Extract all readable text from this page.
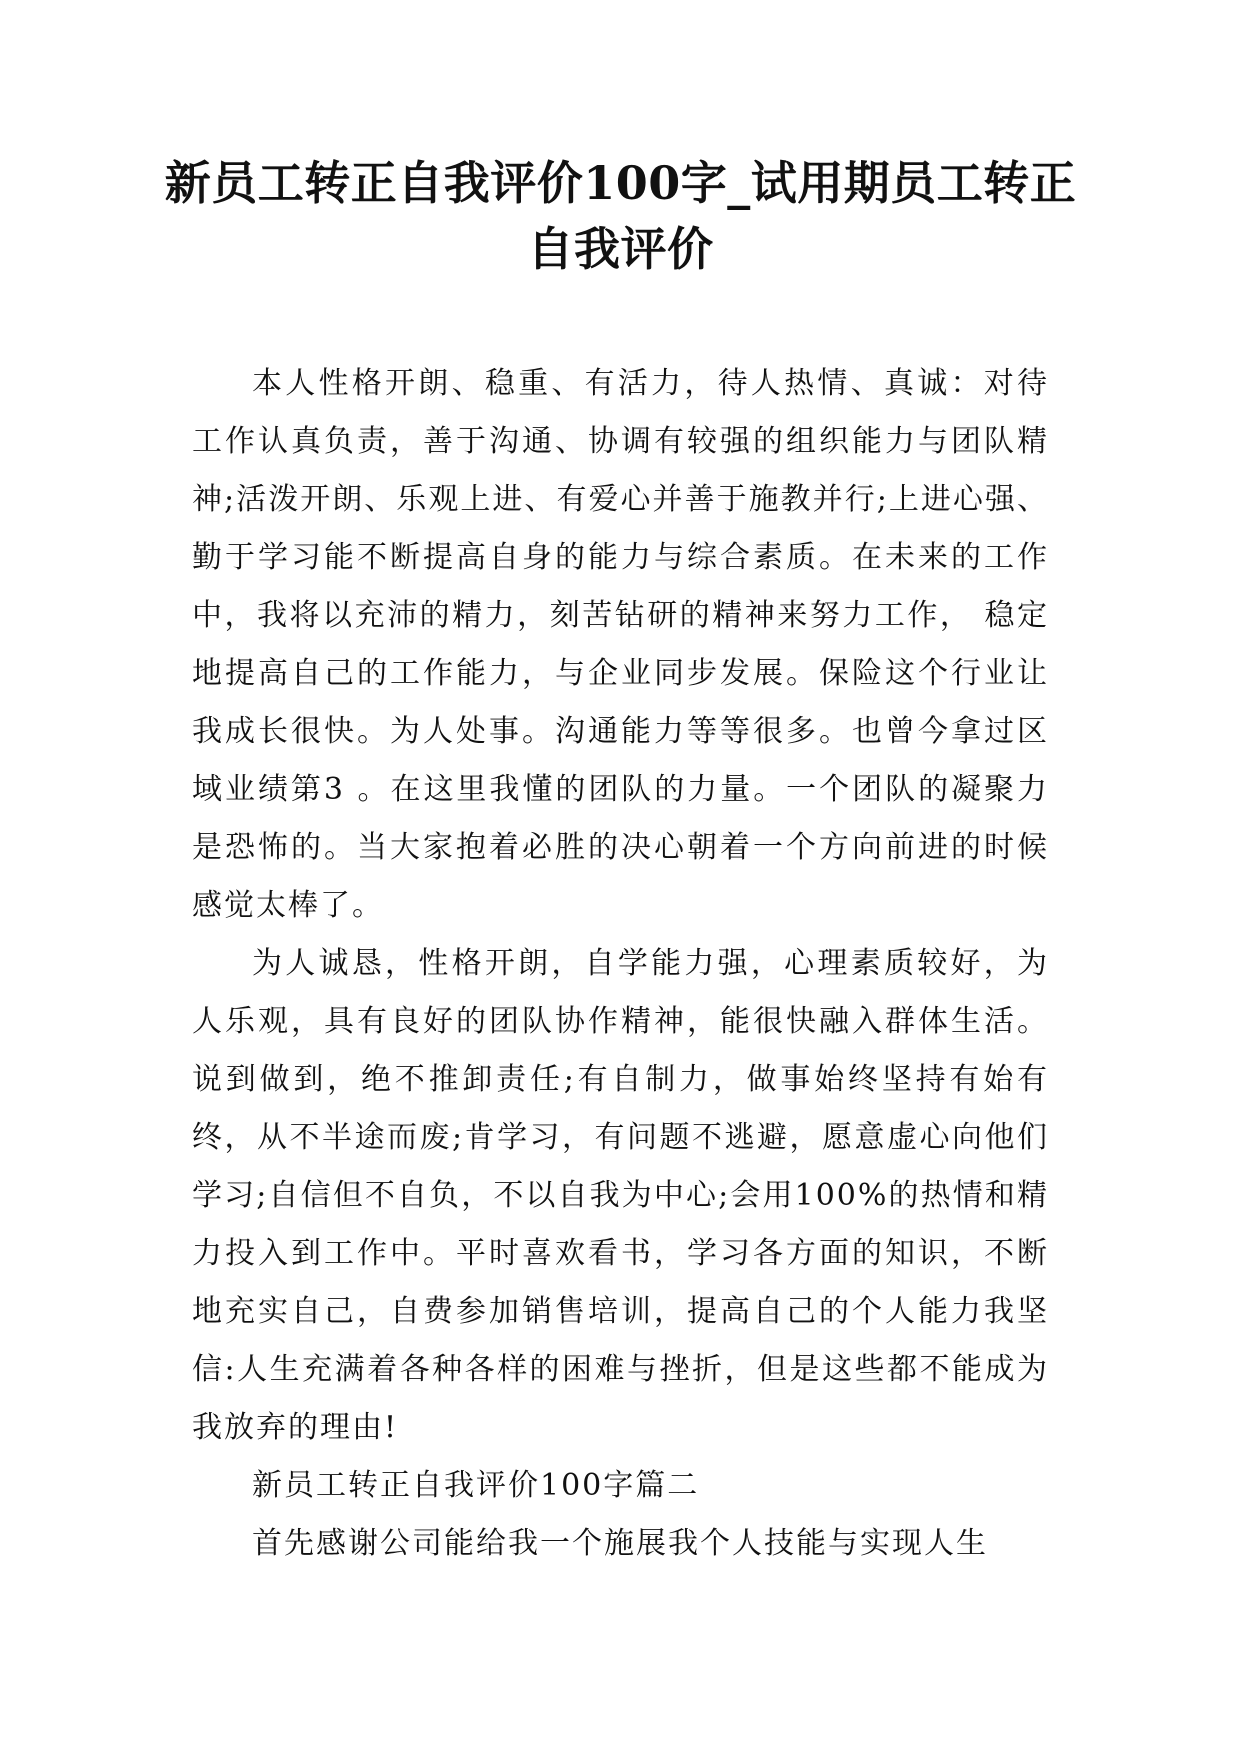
新员工转正自我评价100字_试用期员工转正自我评价

本人性格开朗、稳重、有活力，待人热情、真诚：对待工作认真负责，善于沟通、协调有较强的组织能力与团队精神;活泼开朗、乐观上进、有爱心并善于施教并行;上进心强、勤于学习能不断提高自身的能力与综合素质。在未来的工作中，我将以充沛的精力，刻苦钻研的精神来努力工作， 稳定地提高自己的工作能力，与企业同步发展。保险这个行业让我成长很快。为人处事。沟通能力等等很多。也曾今拿过区域业绩第3 。在这里我懂的团队的力量。一个团队的凝聚力是恐怖的。当大家抱着必胜的决心朝着一个方向前进的时候感觉太棒了。

为人诚恳，性格开朗，自学能力强，心理素质较好，为人乐观，具有良好的团队协作精神，能很快融入群体生活。说到做到，绝不推卸责任;有自制力，做事始终坚持有始有终，从不半途而废;肯学习，有问题不逃避，愿意虚心向他们学习;自信但不自负，不以自我为中心;会用100%的热情和精力投入到工作中。平时喜欢看书，学习各方面的知识，不断地充实自己，自费参加销售培训，提高自己的个人能力我坚信:人生充满着各种各样的困难与挫折，但是这些都不能成为我放弃的理由!

新员工转正自我评价100字篇二

首先感谢公司能给我一个施展我个人技能与实现人生
